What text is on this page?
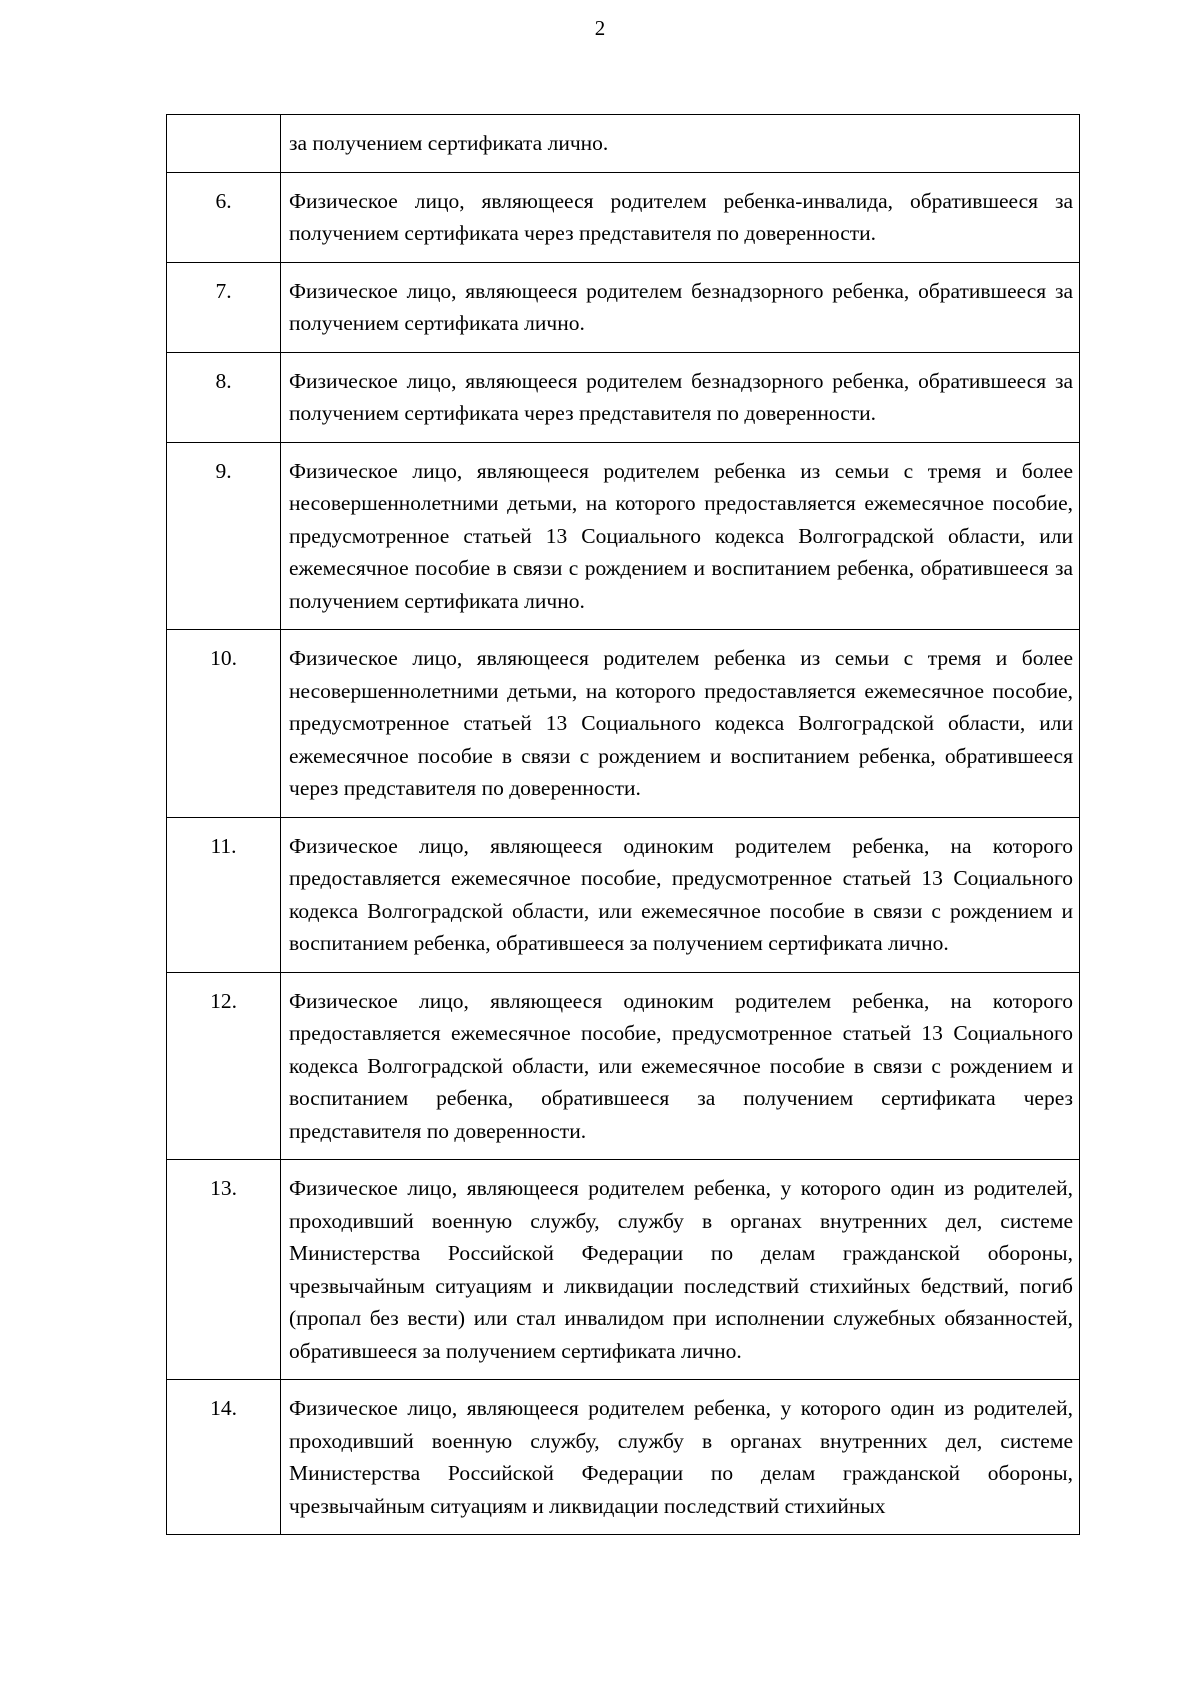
2
	за получением сертификата лично.
6.	Физическое лицо, являющееся родителем ребенка-инвалида, обратившееся за получением сертификата через представителя по доверенности.
7.	Физическое лицо, являющееся родителем безнадзорного ребенка, обратившееся за получением сертификата лично.
8.	Физическое лицо, являющееся родителем безнадзорного ребенка, обратившееся за получением сертификата через представителя по доверенности.
9.	Физическое лицо, являющееся родителем ребенка из семьи с тремя и более несовершеннолетними детьми, на которого предоставляется ежемесячное пособие, предусмотренное статьей 13 Социального кодекса Волгоградской области, или ежемесячное пособие в связи с рождением и воспитанием ребенка, обратившееся за получением сертификата лично.
10.	Физическое лицо, являющееся родителем ребенка из семьи с тремя и более несовершеннолетними детьми, на которого предоставляется ежемесячное пособие, предусмотренное статьей 13 Социального кодекса Волгоградской области, или ежемесячное пособие в связи с рождением и воспитанием ребенка, обратившееся через представителя по доверенности.
11.	Физическое лицо, являющееся одиноким родителем ребенка, на которого предоставляется ежемесячное пособие, предусмотренное статьей 13 Социального кодекса Волгоградской области, или ежемесячное пособие в связи с рождением и воспитанием ребенка, обратившееся за получением сертификата лично.
12.	Физическое лицо, являющееся одиноким родителем ребенка, на которого предоставляется ежемесячное пособие, предусмотренное статьей 13 Социального кодекса Волгоградской области, или ежемесячное пособие в связи с рождением и воспитанием ребенка, обратившееся за получением сертификата через представителя по доверенности.
13.	Физическое лицо, являющееся родителем ребенка, у которого один из родителей, проходивший военную службу, службу в органах внутренних дел, системе Министерства Российской Федерации по делам гражданской обороны, чрезвычайным ситуациям и ликвидации последствий стихийных бедствий, погиб (пропал без вести) или стал инвалидом при исполнении служебных обязанностей, обратившееся за получением сертификата лично.
14.	Физическое лицо, являющееся родителем ребенка, у которого один из родителей, проходивший военную службу, службу в органах внутренних дел, системе Министерства Российской Федерации по делам гражданской обороны, чрезвычайным ситуациям и ликвидации последствий стихийных
